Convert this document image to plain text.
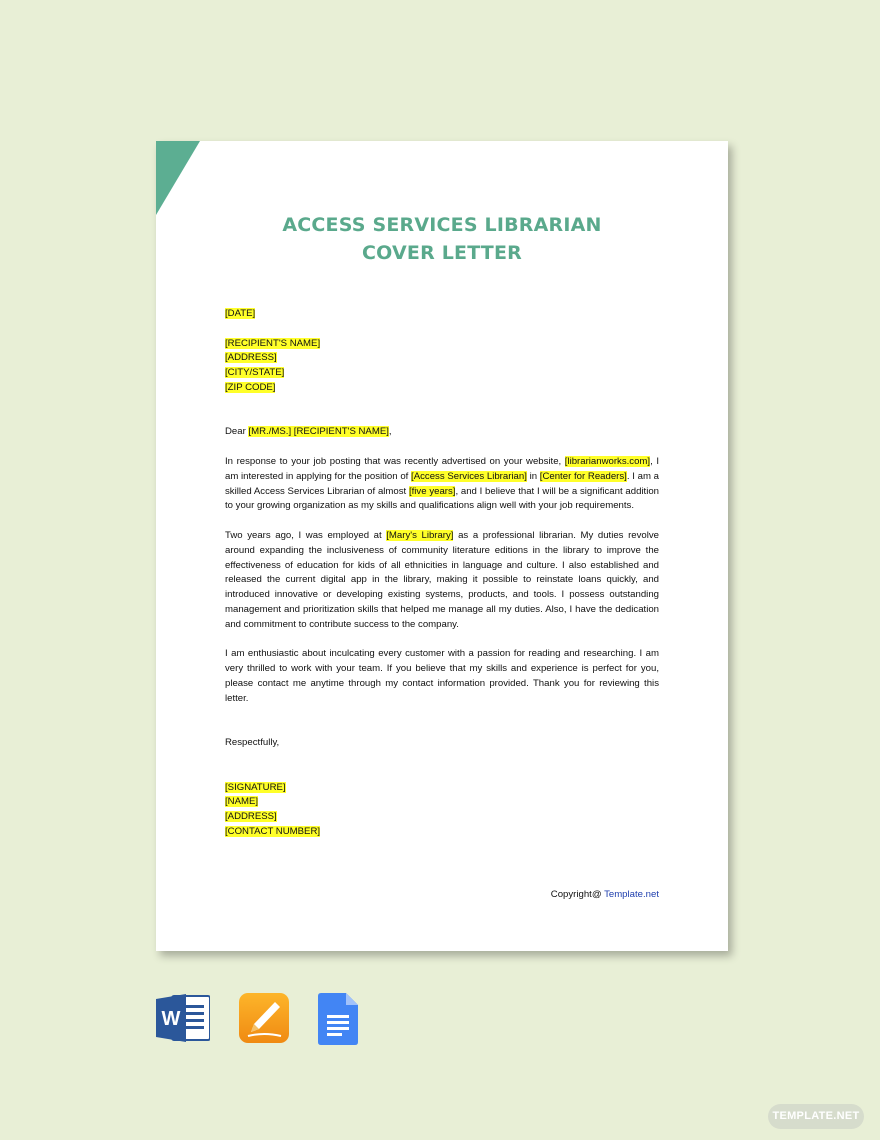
ACCESS SERVICES LIBRARIAN
COVER LETTER
[DATE]
[RECIPIENT'S NAME]
[ADDRESS]
[CITY/STATE]
[ZIP CODE]
Dear [MR./MS.] [RECIPIENT'S NAME],
In response to your job posting that was recently advertised on your website, [librarianworks.com], I am interested in applying for the position of [Access Services Librarian] in [Center for Readers]. I am a skilled Access Services Librarian of almost [five years], and I believe that I will be a significant addition to your growing organization as my skills and qualifications align well with your job requirements.
Two years ago, I was employed at [Mary's Library] as a professional librarian. My duties revolve around expanding the inclusiveness of community literature editions in the library to improve the effectiveness of education for kids of all ethnicities in language and culture. I also established and released the current digital app in the library, making it possible to reinstate loans quickly, and introduced innovative or developing existing systems, products, and tools. I possess outstanding management and prioritization skills that helped me manage all my duties. Also, I have the dedication and commitment to contribute success to the company.
I am enthusiastic about inculcating every customer with a passion for reading and researching. I am very thrilled to work with your team. If you believe that my skills and experience is perfect for you, please contact me anytime through my contact information provided. Thank you for reviewing this letter.
Respectfully,
[SIGNATURE]
[NAME]
[ADDRESS]
[CONTACT NUMBER]
Copyright@ Template.net
W
TEMPLATE.NET
